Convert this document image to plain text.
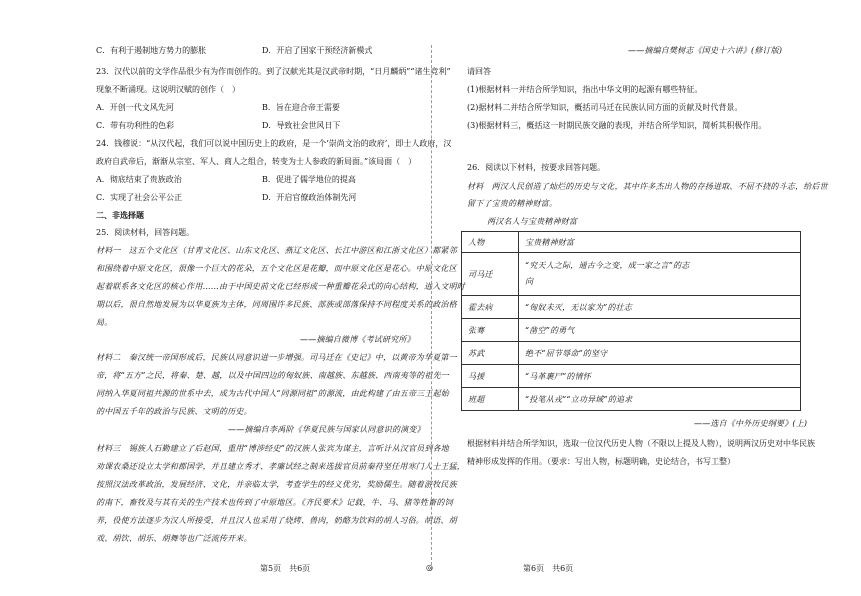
C．有利于遏制地方势力的膨胀	D．开启了国家干预经济新模式
23．汉代以前的文学作品很少有为作而创作的。到了汉献光其是汉武帝时期，“日月麟炳”“诸生竞利”
现象不断涌现。这说明汉赋的创作（　）
A．开创一代文风先河	B．旨在迎合帝王需要
C．带有功利性的色彩	D．导致社会世风日下
24．钱穆说：“从汉代起，我们可以说中国历史上的政府，是一个‘崇尚文治的政府’，即士人政府，汉
政府自武帝后，渐渐从宗室、军人、商人之组合，转变为士人参政的新局面。”该局面（　）
A．彻底结束了贵族政治	B．促进了儒学地位的提高
C．实现了社会公平公正	D．开启官僚政治体制先河
二、非选择题
25．阅读材料，回答问题。
材料一　这五个文化区（甘青文化区、山东文化区、燕辽文化区、长江中游区和江浙文化区）都紧邻
和围绕着中原文化区，很像一个巨大的花朵，五个文化区是花瓣，而中原文化区是花心。中原文化区
起着联系各文化区的核心作用……由于中国史前文化已经形成一种重瓣花朵式的向心结构，进入文明时
期以后，很自然地发展为以华夏族为主体，同周围许多民族、部族或部落保持不同程度关系的政治格
局。
——摘编自微博《考试研究所》
材料二　秦汉统一帝国形成后，民族认同意识进一步增强。司马迁在《史记》中，以黄帝为华夏第一
帝，将“五方”之民，将秦、楚、越，以及中国四边的匈奴族、南越族、东越族、西南夷等的祖先一
同纳入华夏同祖共源的世系中去，成为古代中国人“同源同祖”的源流，由此构建了由五帝三王起始
的中国五千年的政治与民族、文明的历史。
——摘编自李禹阶《华夏民族与国家认同意识的演变》
材料三　锡族人石勤建立了后赵国，重用“博涉经史”的汉族人张宾为谋主，言听计从汉官员到各地
劝课农桑还设立太学和郡国学，并且建立秀才、孝廉试经之制来选拔官员前秦苻坚任用寒门人士王猛，
按照汉法改革政治，发展经济、文化，并亲临太学，考查学生的经义优劣，奖励儒生。随着游牧民族
的南下，畜牧及与其有关的生产技术也传到了中原地区。《齐民要术》记载，牛、马、猪等牲畜的饲
养，役使方法逐步为汉人所接受，并且汉人也采用了烧烤、兽肉，奶酪为饮料的胡人习俗。胡语、胡
戏、胡饮、胡乐、胡舞等也广泛流传开来。
——摘编自樊树志《国史十六讲》(修订版)
请回答
(1)根据材料一并结合所学知识，指出中华文明的起源有哪些特征。
(2)据材料二并结合所学知识，概括司马迁在民族认同方面的贡献及时代背景。
(3)根据材料三，概括这一时期民族交融的表现，并结合所学知识，简析其积极作用。
26．阅读以下材料，按要求回答问题。
材料　两汉人民创造了灿烂的历史与文化，其中许多杰出人物的存扬进取、不屈不挠的斗志，给后世
留下了宝贵的精神财富。
两汉名人与宝贵精神财富
人物	宝贵精神财富
司马迁	“究天人之际，通古今之变，成一家之言”的志
向
霍去病	“匈奴未灭，无以家为”的壮志
张骞	“凿空”的勇气
苏武	绝不“屈节辱命”的坚守
马援	“马革裹尸”的情怀
班超	“投笔从戎”“立功异域”的追求
——选自《中外历史纲要》(上)
根据材料并结合所学知识，选取一位汉代历史人物（不限以上提及人物），说明两汉历史对中华民族
精神形成发挥的作用。（要求：写出人物，标题明确，史论结合，书写工整）
第5页　共6页	◎	第6页　共6页
